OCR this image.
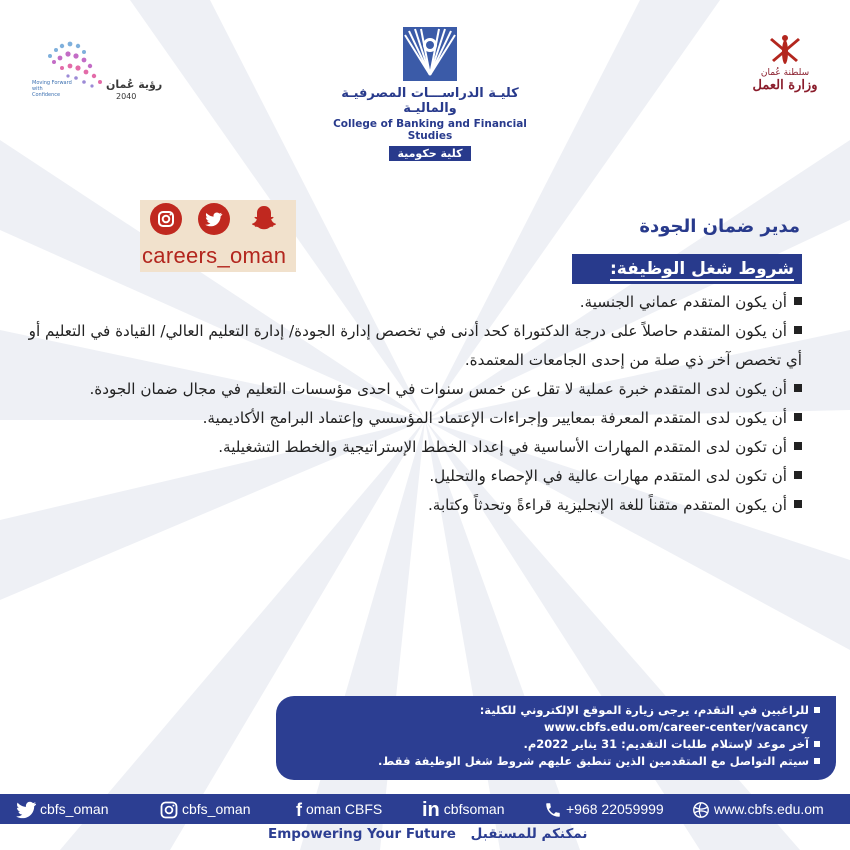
Moving Forward with Confidence
رؤية عُمان
2040	كليـة الدراســـات المصرفيـة والماليـة
College of Banking and Financial Studies
كلية حكومية
سلطنة عُمان
وزارة العمل
careers_oman
مدير ضمان الجودة
شروط شغل الوظيفة:

أن يكون المتقدم عماني الجنسية.

أن يكون المتقدم حاصلاً على درجة الدكتوراة كحد أدنى في تخصص إدارة الجودة/ إدارة التعليم العالي/ القيادة في التعليم أو أي تخصص آخر ذي صلة من إحدى الجامعات المعتمدة.

أن يكون لدى المتقدم خبرة عملية لا تقل عن خمس سنوات في احدى مؤسسات التعليم في مجال ضمان الجودة.

أن يكون لدى المتقدم المعرفة بمعايير وإجراءات الإعتماد المؤسسي وإعتماد البرامج الأكاديمية.

أن تكون لدى المتقدم المهارات الأساسية في إعداد الخطط الإستراتيجية والخطط التشغيلية.

أن تكون لدى المتقدم مهارات عالية في الإحصاء والتحليل.

أن يكون المتقدم متقناً للغة الإنجليزية قراءةً وتحدثاً وكتابة.

للراغبين في التقدم، يرجى زيارة الموقع الإلكتروني للكلية:
www.cbfs.edu.om/career-center/vacancy
آخر موعد لإستلام طلبات التقديم: 31 يناير 2022م.
سيتم التواصل مع المتقدمين الذين تنطبق عليهم شروط شغل الوظيفة فقط.
cbfs_oman	cbfs_oman	f oman CBFS in cbfsoman	+968 22059999	www.cbfs.edu.om
Empowering Your Future نمكنكم للمستقبل
